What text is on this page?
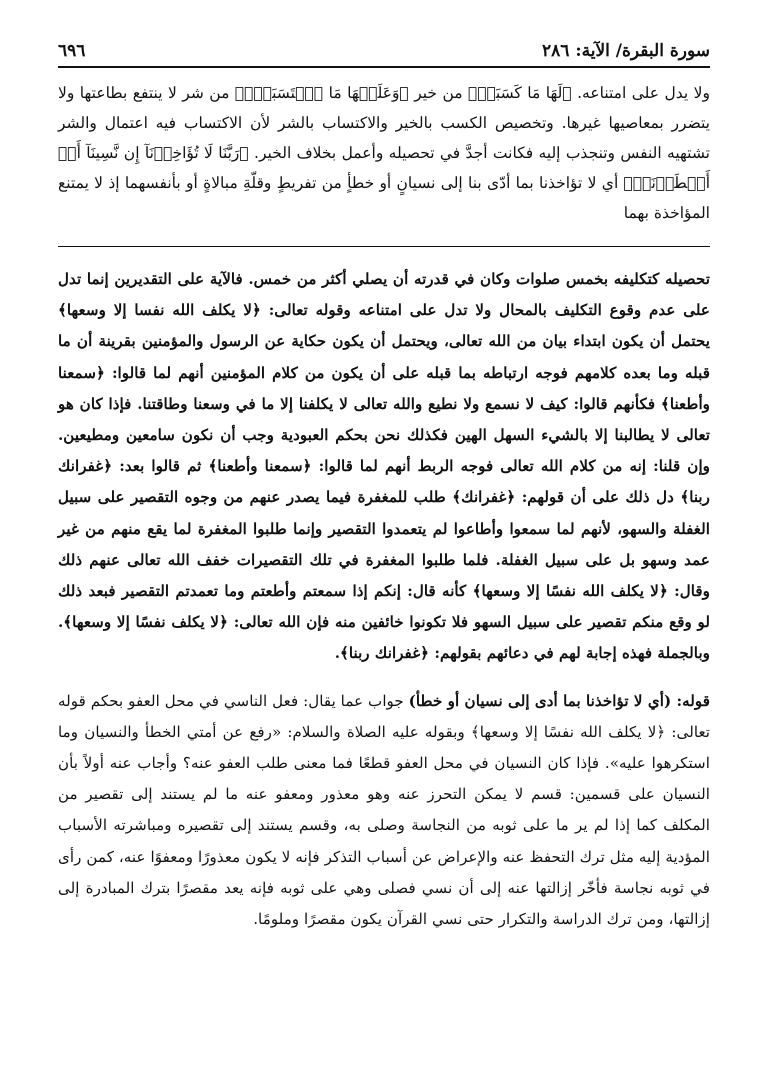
سورة البقرة/ الآية: ٢٨٦
٦٩٦
ولا يدل على امتناعه. ﴿لَهَا مَا كَسَبَتۡ﴾ من خير ﴿وَعَلَيۡهَا مَا ٱكۡتَسَبَتۡۗ﴾ من شر لا ينتفع بطاعتها ولا يتضرر بمعاصيها غيرها. وتخصيص الكسب بالخير والاكتساب بالشر لأن الاكتساب فيه اعتمال والشر تشتهيه النفس وتنجذب إليه فكانت أجدَّ في تحصيله وأعمل بخلاف الخير. ﴿رَبَّنَا لَا تُؤَاخِذۡنَآ إِن نَّسِينَآ أَوۡ أَخۡطَأۡنَاۚ﴾ أي لا تؤاخذنا بما أدّى بنا إلى نسيانٍ أو خطأٍ من تفريطٍ وقلّةِ مبالاةٍ أو بأنفسهما إذ لا يمتنع المؤاخذة بهما

تحصيله كتكليفه بخمس صلوات وكان في قدرته أن يصلي أكثر من خمس. فالآية على التقديرين إنما تدل على عدم وقوع التكليف بالمحال ولا تدل على امتناعه وقوله تعالى: ﴿لا يكلف الله نفسا إلا وسعها﴾ يحتمل أن يكون ابتداء بيان من الله تعالى، ويحتمل أن يكون حكاية عن الرسول والمؤمنين بقرينة أن ما قبله وما بعده كلامهم فوجه ارتباطه بما قبله على أن يكون من كلام المؤمنين أنهم لما قالوا: ﴿سمعنا وأطعنا﴾ فكأنهم قالوا: كيف لا نسمع ولا نطيع والله تعالى لا يكلفنا إلا ما في وسعنا وطاقتنا. فإذا كان هو تعالى لا يطالبنا إلا بالشيء السهل الهين فكذلك نحن بحكم العبودية وجب أن نكون سامعين ومطيعين. وإن قلنا: إنه من كلام الله تعالى فوجه الربط أنهم لما قالوا: ﴿سمعنا وأطعنا﴾ ثم قالوا بعد: ﴿غفرانك ربنا﴾ دل ذلك على أن قولهم: ﴿غفرانك﴾ طلب للمغفرة فيما يصدر عنهم من وجوه التقصير على سبيل الغفلة والسهو، لأنهم لما سمعوا وأطاعوا لم يتعمدوا التقصير وإنما طلبوا المغفرة لما يقع منهم من غير عمد وسهو بل على سبيل الغفلة. فلما طلبوا المغفرة في تلك التقصيرات خفف الله تعالى عنهم ذلك وقال: ﴿لا يكلف الله نفسًا إلا وسعها﴾ كأنه قال: إنكم إذا سمعتم وأطعتم وما تعمدتم التقصير فبعد ذلك لو وقع منكم تقصير على سبيل السهو فلا تكونوا خائفين منه فإن الله تعالى: ﴿لا يكلف نفسًا إلا وسعها﴾. وبالجملة فهذه إجابة لهم في دعائهم بقولهم: ﴿غفرانك ربنا﴾.

قوله: (أي لا تؤاخذنا بما أدى إلى نسيان أو خطأ) جواب عما يقال: فعل الناسي في محل العفو بحكم قوله تعالى: ﴿لا يكلف الله نفسًا إلا وسعها﴾ وبقوله عليه الصلاة والسلام: «رفع عن أمتي الخطأ والنسيان وما استكرهوا عليه». فإذا كان النسيان في محل العفو قطعًا فما معنى طلب العفو عنه؟ وأجاب عنه أولاً بأن النسيان على قسمين: قسم لا يمكن التحرز عنه وهو معذور ومعفو عنه ما لم يستند إلى تقصير من المكلف كما إذا لم ير ما على ثوبه من النجاسة وصلى به، وقسم يستند إلى تقصيره ومباشرته الأسباب المؤدية إليه مثل ترك التحفظ عنه والإعراض عن أسباب التذكر فإنه لا يكون معذورًا ومعفوًا عنه، كمن رأى في ثوبه نجاسة فأخّر إزالتها عنه إلى أن نسي فصلى وهي على ثوبه فإنه يعد مقصرًا بترك المبادرة إلى إزالتها، ومن ترك الدراسة والتكرار حتى نسي القرآن يكون مقصرًا وملومًا.
